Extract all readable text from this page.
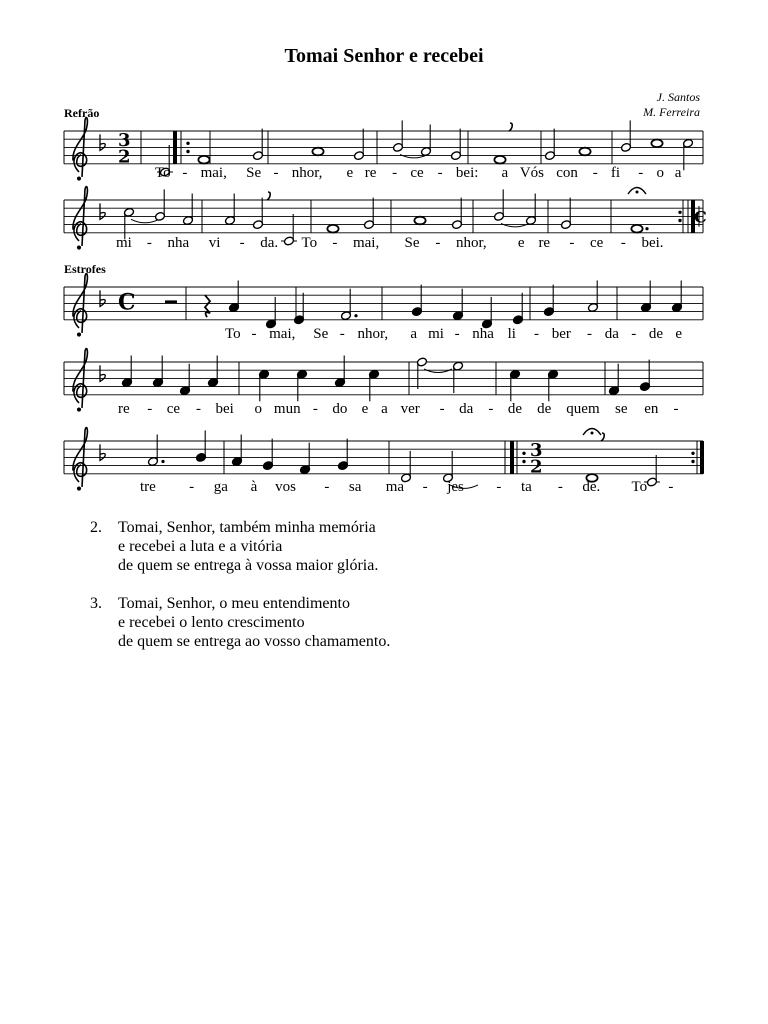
Tomai Senhor e recebei
J. Santos
M. Ferreira
Refrão
Estrofes
3
2
To - mai, Se - nhor, e re - ce - bei: a Vós con - fi - o a
C
mi - nha vi - da. To - mai, Se - nhor, e re - ce - bei.
C
To - mai, Se - nhor, a mi - nha li - ber - da - de e
re - ce - bei o mun - do e a ver - da - de de quem se en -
3
2
tre - ga à vos - sa ma - jes - ta - de. To -
2.	Tomai, Senhor, também minha memória
e recebei a luta e a vitória
de quem se entrega à vossa maior glória.
3.	Tomai, Senhor, o meu entendimento
e recebei o lento crescimento
de quem se entrega ao vosso chamamento.
